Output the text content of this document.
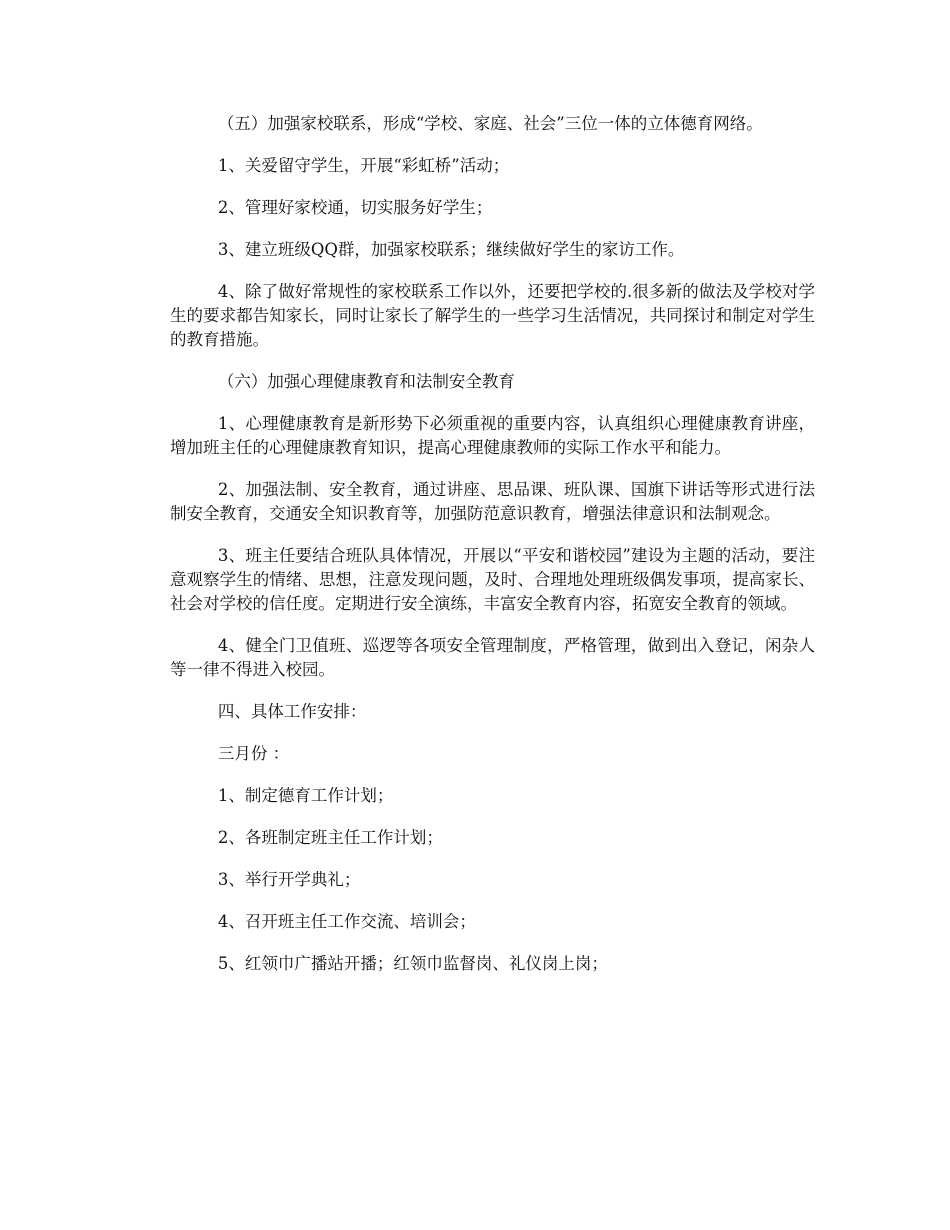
（五）加强家校联系，形成“学校、家庭、社会”三位一体的立体德育网络。

1、关爱留守学生，开展“彩虹桥”活动；

2、管理好家校通，切实服务好学生；

3、建立班级QQ群，加强家校联系；继续做好学生的家访工作。

4、除了做好常规性的家校联系工作以外，还要把学校的.很多新的做法及学校对学生的要求都告知家长，同时让家长了解学生的一些学习生活情况，共同探讨和制定对学生的教育措施。

（六）加强心理健康教育和法制安全教育

1、心理健康教育是新形势下必须重视的重要内容，认真组织心理健康教育讲座，增加班主任的心理健康教育知识，提高心理健康教师的实际工作水平和能力。

2、加强法制、安全教育，通过讲座、思品课、班队课、国旗下讲话等形式进行法制安全教育，交通安全知识教育等，加强防范意识教育，增强法律意识和法制观念。

3、班主任要结合班队具体情况，开展以“平安和谐校园”建设为主题的活动，要注意观察学生的情绪、思想，注意发现问题，及时、合理地处理班级偶发事项，提高家长、社会对学校的信任度。定期进行安全演练，丰富安全教育内容，拓宽安全教育的领域。

4、健全门卫值班、巡逻等各项安全管理制度，严格管理，做到出入登记，闲杂人等一律不得进入校园。

四、具体工作安排：

三月份 ：

1、制定德育工作计划；

2、各班制定班主任工作计划；

3、举行开学典礼；

4、召开班主任工作交流、培训会；

5、红领巾广播站开播；红领巾监督岗、礼仪岗上岗；
